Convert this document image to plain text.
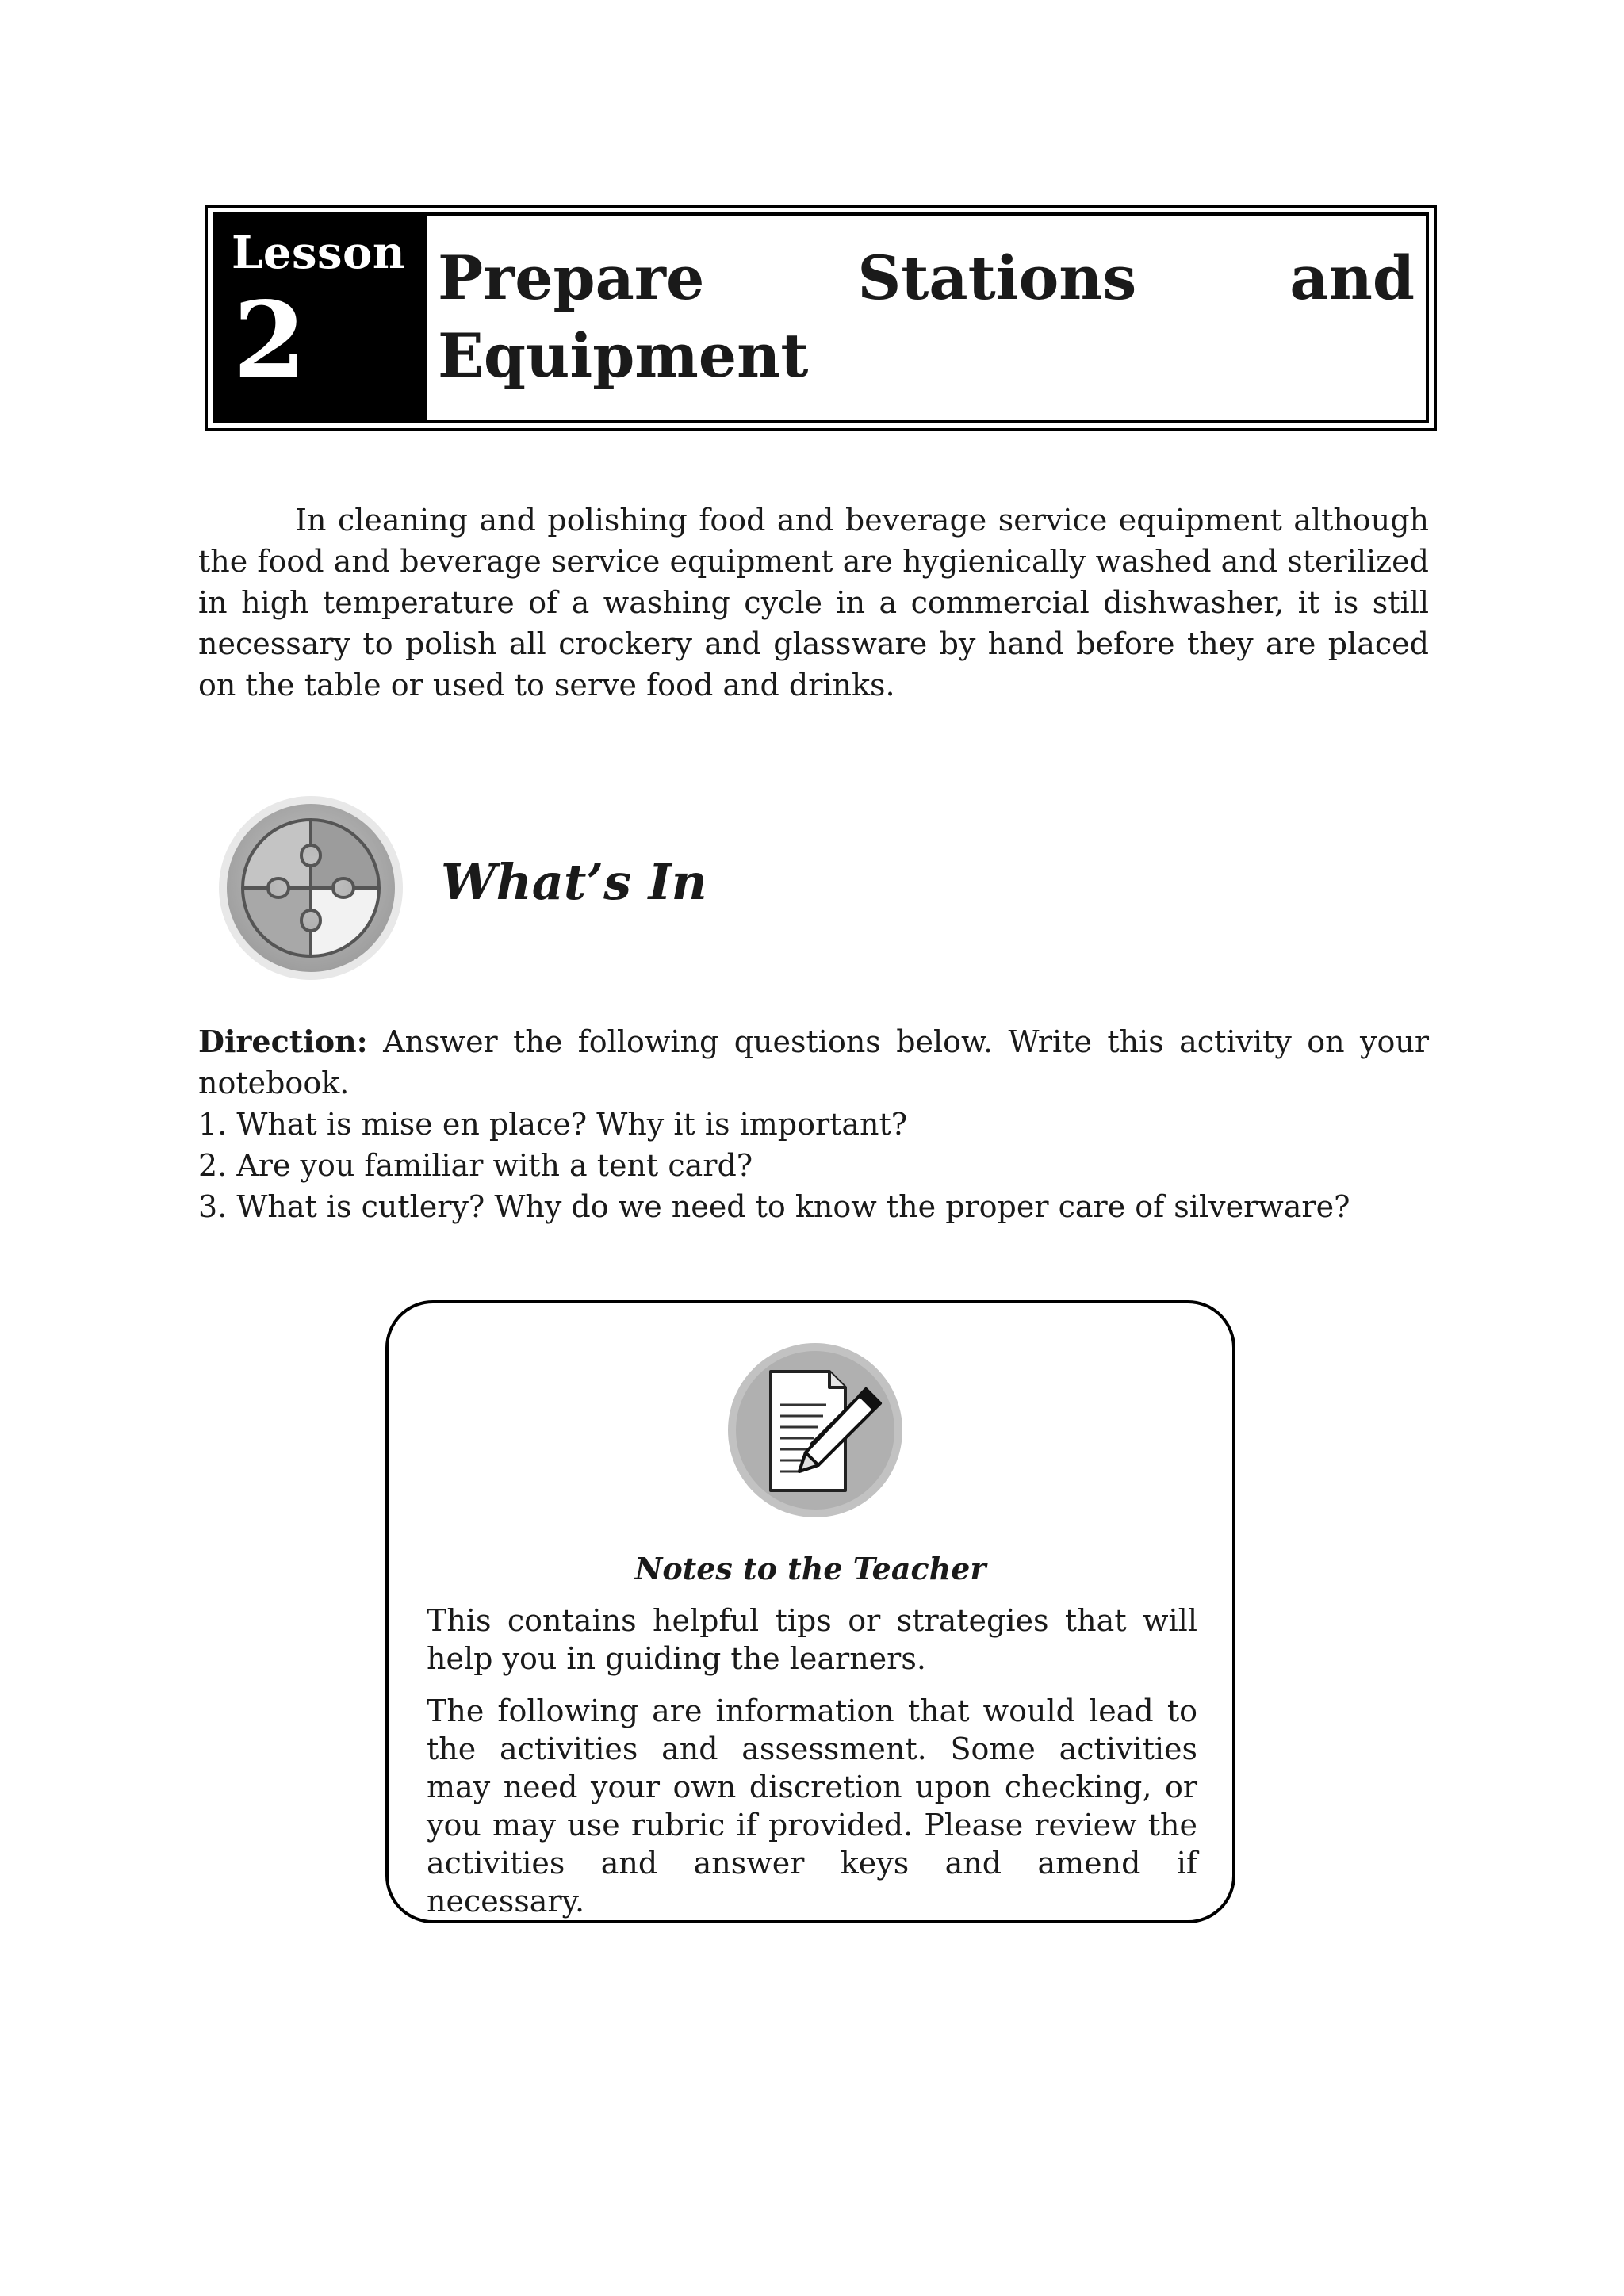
Lesson
2
Prepare	Stations	and
Equipment

In cleaning and polishing food and beverage service equipment although the food and beverage service equipment are hygienically washed and sterilized in high temperature of a washing cycle in a commercial dishwasher, it is still necessary to polish all crockery and glassware by hand before they are placed on the table or used to serve food and drinks.

What’s In

Direction: Answer the following questions below. Write this activity on your notebook.

1. What is mise en place? Why it is important?
2. Are you familiar with a tent card?
3. What is cutlery? Why do we need to know the proper care of silverware?
Notes to the Teacher

This contains helpful tips or strategies that will help you in guiding the learners.

The following are information that would lead to the activities and assessment. Some activities may need your own discretion upon checking, or you may use rubric if provided. Please review the activities and answer keys and amend if necessary.
